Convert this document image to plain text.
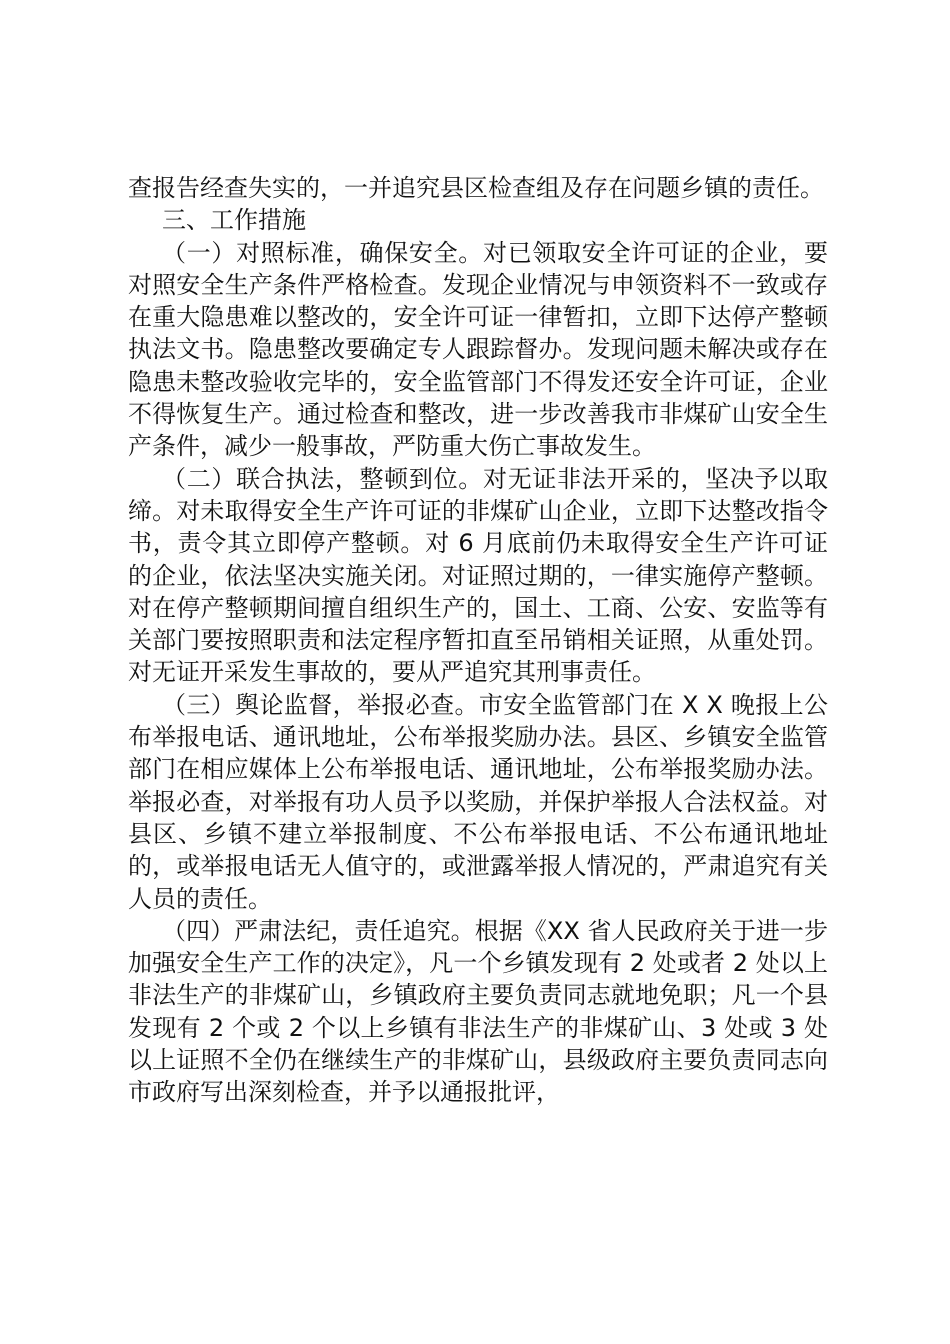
查报告经查失实的，一并追究县区检查组及存在问题乡镇的责任。

三、工作措施

（一）对照标准，确保安全。对已领取安全许可证的企业，要对照安全生产条件严格检查。发现企业情况与申领资料不一致或存在重大隐患难以整改的，安全许可证一律暂扣，立即下达停产整顿执法文书。隐患整改要确定专人跟踪督办。发现问题未解决或存在隐患未整改验收完毕的，安全监管部门不得发还安全许可证，企业不得恢复生产。通过检查和整改，进一步改善我市非煤矿山安全生产条件，减少一般事故，严防重大伤亡事故发生。

（二）联合执法，整顿到位。对无证非法开采的，坚决予以取缔。对未取得安全生产许可证的非煤矿山企业，立即下达整改指令书，责令其立即停产整顿。对 6 月底前仍未取得安全生产许可证的企业，依法坚决实施关闭。对证照过期的，一律实施停产整顿。对在停产整顿期间擅自组织生产的，国土、工商、公安、安监等有关部门要按照职责和法定程序暂扣直至吊销相关证照，从重处罚。对无证开采发生事故的，要从严追究其刑事责任。

（三）舆论监督，举报必查。市安全监管部门在 X X 晚报上公布举报电话、通讯地址，公布举报奖励办法。县区、乡镇安全监管部门在相应媒体上公布举报电话、通讯地址，公布举报奖励办法。举报必查，对举报有功人员予以奖励，并保护举报人合法权益。对县区、乡镇不建立举报制度、不公布举报电话、不公布通讯地址的，或举报电话无人值守的，或泄露举报人情况的，严肃追究有关人员的责任。

（四）严肃法纪，责任追究。根据《XX 省人民政府关于进一步加强安全生产工作的决定》，凡一个乡镇发现有 2 处或者 2 处以上非法生产的非煤矿山，乡镇政府主要负责同志就地免职；凡一个县发现有 2 个或 2 个以上乡镇有非法生产的非煤矿山、3 处或 3 处以上证照不全仍在继续生产的非煤矿山，县级政府主要负责同志向市政府写出深刻检查，并予以通报批评，
